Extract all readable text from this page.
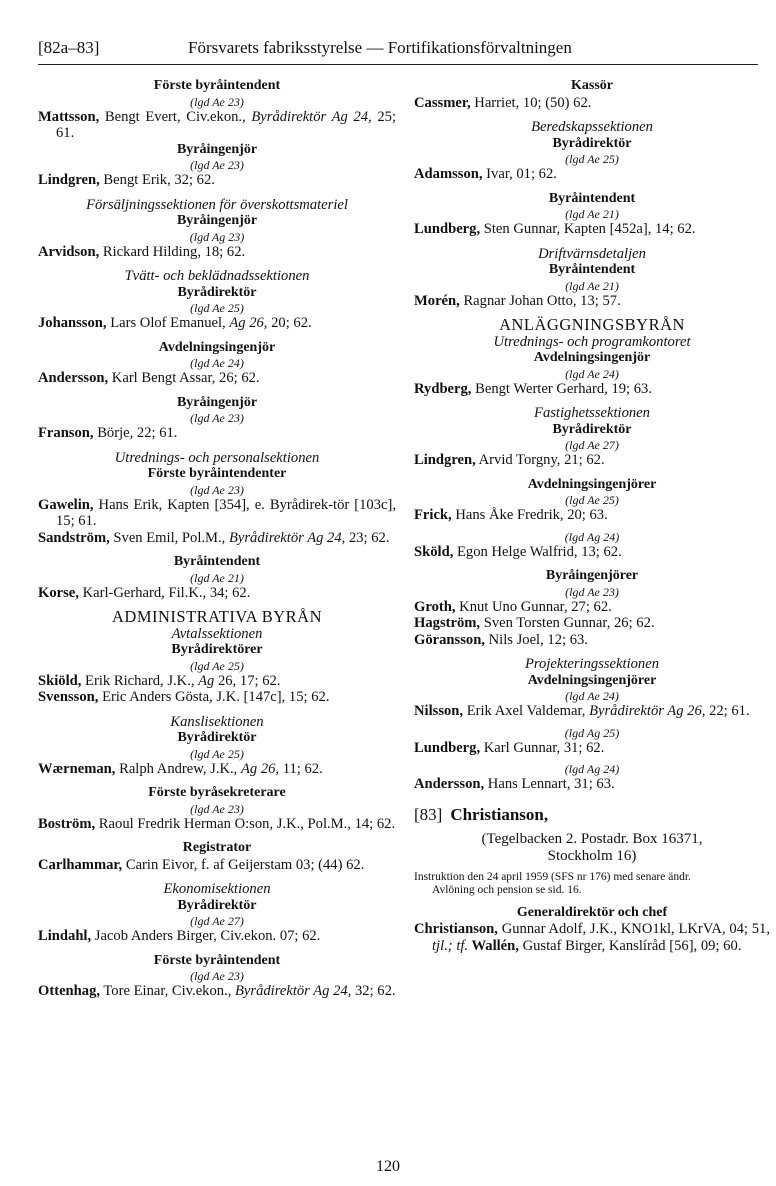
[82a–83]	Försvarets fabriksstyrelse — Fortifikationsförvaltningen
Förste byråintendent
(lgd Ae 23)
Mattsson, Bengt Evert, Civ.ekon., Byrådirektör Ag 24, 25; 61.
Byråingenjör
(lgd Ae 23)
Lindgren, Bengt Erik, 32; 62.
Försäljningssektionen för överskottsmateriel
Byråingenjör
(lgd Ag 23)
Arvidson, Rickard Hilding, 18; 62.
Tvätt- och beklädnadssektionen
Byrådirektör
(lgd Ae 25)
Johansson, Lars Olof Emanuel, Ag 26, 20; 62.
Avdelningsingenjör
(lgd Ae 24)
Andersson, Karl Bengt Assar, 26; 62.
Byråingenjör
(lgd Ae 23)
Franson, Börje, 22; 61.
Utrednings- och personalsektionen
Förste byråintendenter
(lgd Ae 23)
Gawelin, Hans Erik, Kapten [354], e. Byrådirek-tör [103c], 15; 61.
Sandström, Sven Emil, Pol.M., Byrådirektör Ag 24, 23; 62.
Byråintendent
(lgd Ae 21)
Korse, Karl-Gerhard, Fil.K., 34; 62.
ADMINISTRATIVA BYRÅN
Avtalssektionen
Byrådirektörer
(lgd Ae 25)
Skiöld, Erik Richard, J.K., Ag 26, 17; 62.
Svensson, Eric Anders Gösta, J.K. [147c], 15; 62.
Kanslisektionen
Byrådirektör
(lgd Ae 25)
Wærneman, Ralph Andrew, J.K., Ag 26, 11; 62.
Förste byråsekreterare
(lgd Ae 23)
Boström, Raoul Fredrik Herman O:son, J.K., Pol.M., 14; 62.
Registrator
Carlhammar, Carin Eivor, f. af Geijerstam 03; (44) 62.
Ekonomisektionen
Byrådirektör
(lgd Ae 27)
Lindahl, Jacob Anders Birger, Civ.ekon. 07; 62.
Förste byråintendent
(lgd Ae 23)
Ottenhag, Tore Einar, Civ.ekon., Byrådirektör Ag 24, 32; 62.
Kassör
Cassmer, Harriet, 10; (50) 62.
Beredskapssektionen
Byrådirektör
(lgd Ae 25)
Adamsson, Ivar, 01; 62.
Byråintendent
(lgd Ae 21)
Lundberg, Sten Gunnar, Kapten [452a], 14; 62.
Driftvärnsdetaljen
Byråintendent
(lgd Ae 21)
Morén, Ragnar Johan Otto, 13; 57.
ANLÄGGNINGSBYRÅN
Utrednings- och programkontoret
Avdelningsingenjör
(lgd Ae 24)
Rydberg, Bengt Werter Gerhard, 19; 63.
Fastighetssektionen
Byrådirektör
(lgd Ae 27)
Lindgren, Arvid Torgny, 21; 62.
Avdelningsingenjörer
(lgd Ae 25)
Frick, Hans Åke Fredrik, 20; 63.
(lgd Ag 24)
Sköld, Egon Helge Walfrid, 13; 62.
Byråingenjörer
(lgd Ae 23)
Groth, Knut Uno Gunnar, 27; 62.
Hagström, Sven Torsten Gunnar, 26; 62.
Göransson, Nils Joel, 12; 63.
Projekteringssektionen
Avdelningsingenjörer
(lgd Ae 24)
Nilsson, Erik Axel Valdemar, Byrådirektör Ag 26, 22; 61.
(lgd Ag 25)
Lundberg, Karl Gunnar, 31; 62.
(lgd Ag 24)
Andersson, Hans Lennart, 31; 63.
[83] Christianson,
(Tegelbacken 2. Postadr. Box 16371,
Stockholm 16)
Instruktion den 24 april 1959 (SFS nr 176) med senare ändr.
Avlöning och pension se sid. 16.
Generaldirektör och chef
Christianson, Gunnar Adolf, J.K., KNO1kl, LKrVA, 04; 51, tjl.; tf. Wallén, Gustaf Birger, Kanslíråd [56], 09; 60.
120
